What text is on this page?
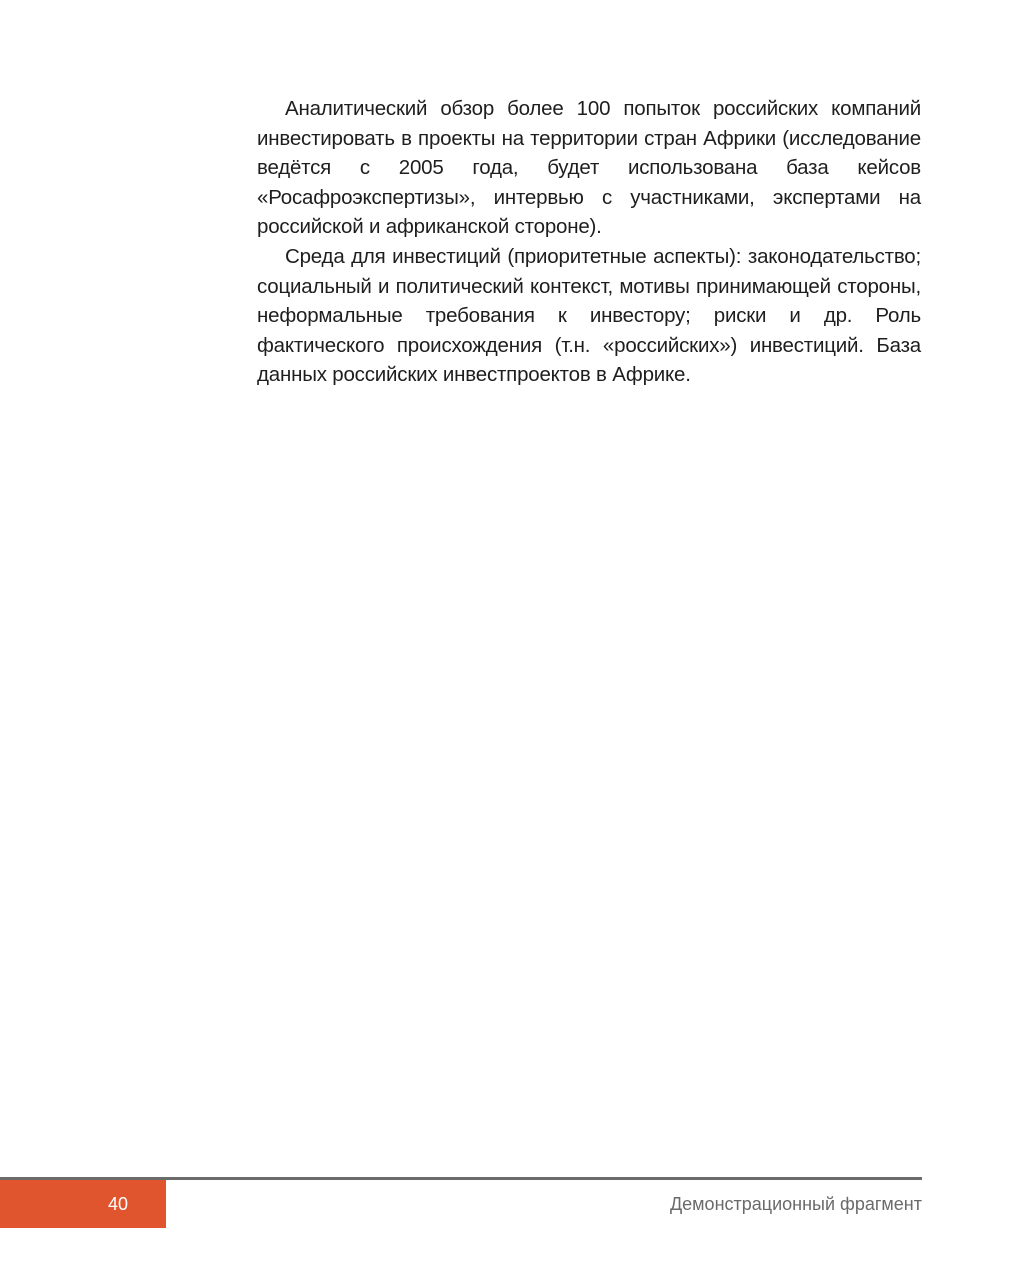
Аналитический обзор более 100 попыток российских компаний инвестировать в проекты на территории стран Африки (исследование ведётся с 2005 года, будет использована база кейсов «Росафроэкспертизы», интервью с участниками, экспертами на российской и африканской стороне).

Среда для инвестиций (приоритетные аспекты): законодательство; социальный и политический контекст, мотивы принимающей стороны, неформальные требования к инвестору; риски и др. Роль фактического происхождения (т.н. «российских») инвестиций. База данных российских инвестпроектов в Африке.

40	Демонстрационный фрагмент
